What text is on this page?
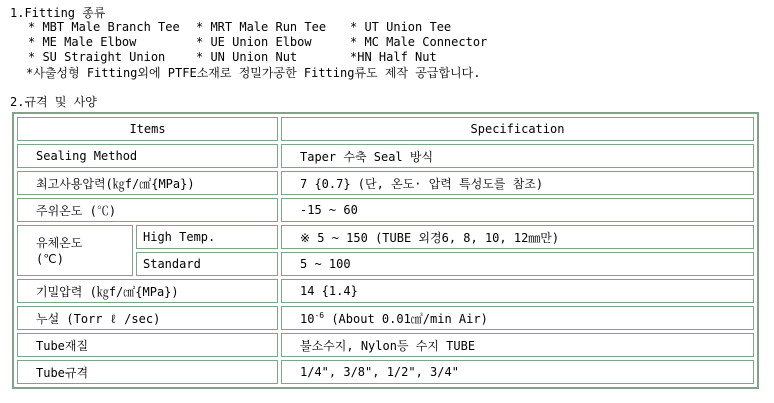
1.Fitting 종류
* MBT Male Branch Tee * MRT Male Run Tee * UT Union Tee
* ME Male Elbow	* UE Union Elbow	* MC Male Connector
* SU Straight Union	* UN Union Nut	*HN Half Nut
*사출성형 Fitting외에 PTFE소재로 정밀가공한 Fitting류도 제작 공급합니다.
2.규격 및 사양
Items		Specification
Sealing Method		Taper 수축 Seal 방식
최고사용압력(㎏f/㎠{MPa})		7 {0.7} (단, 온도· 압력 특성도를 참조)
주위온도 (℃)		-15 ~ 60

유체온도
(℃)	High Temp.	※ 5 ~ 150 (TUBE 외경6, 8, 10, 12㎜만)
	Standard	5 ~ 100
기밀압력 (㎏f/㎠{MPa})		14 {1.4}
누설 (Torr ℓ /sec)		$10^{-6}$ (About 0.01㎤/min Air)
Tube재질		불소수지, Nylon등 수지 TUBE
Tube규격		1/4", 3/8", 1/2", 3/4"
